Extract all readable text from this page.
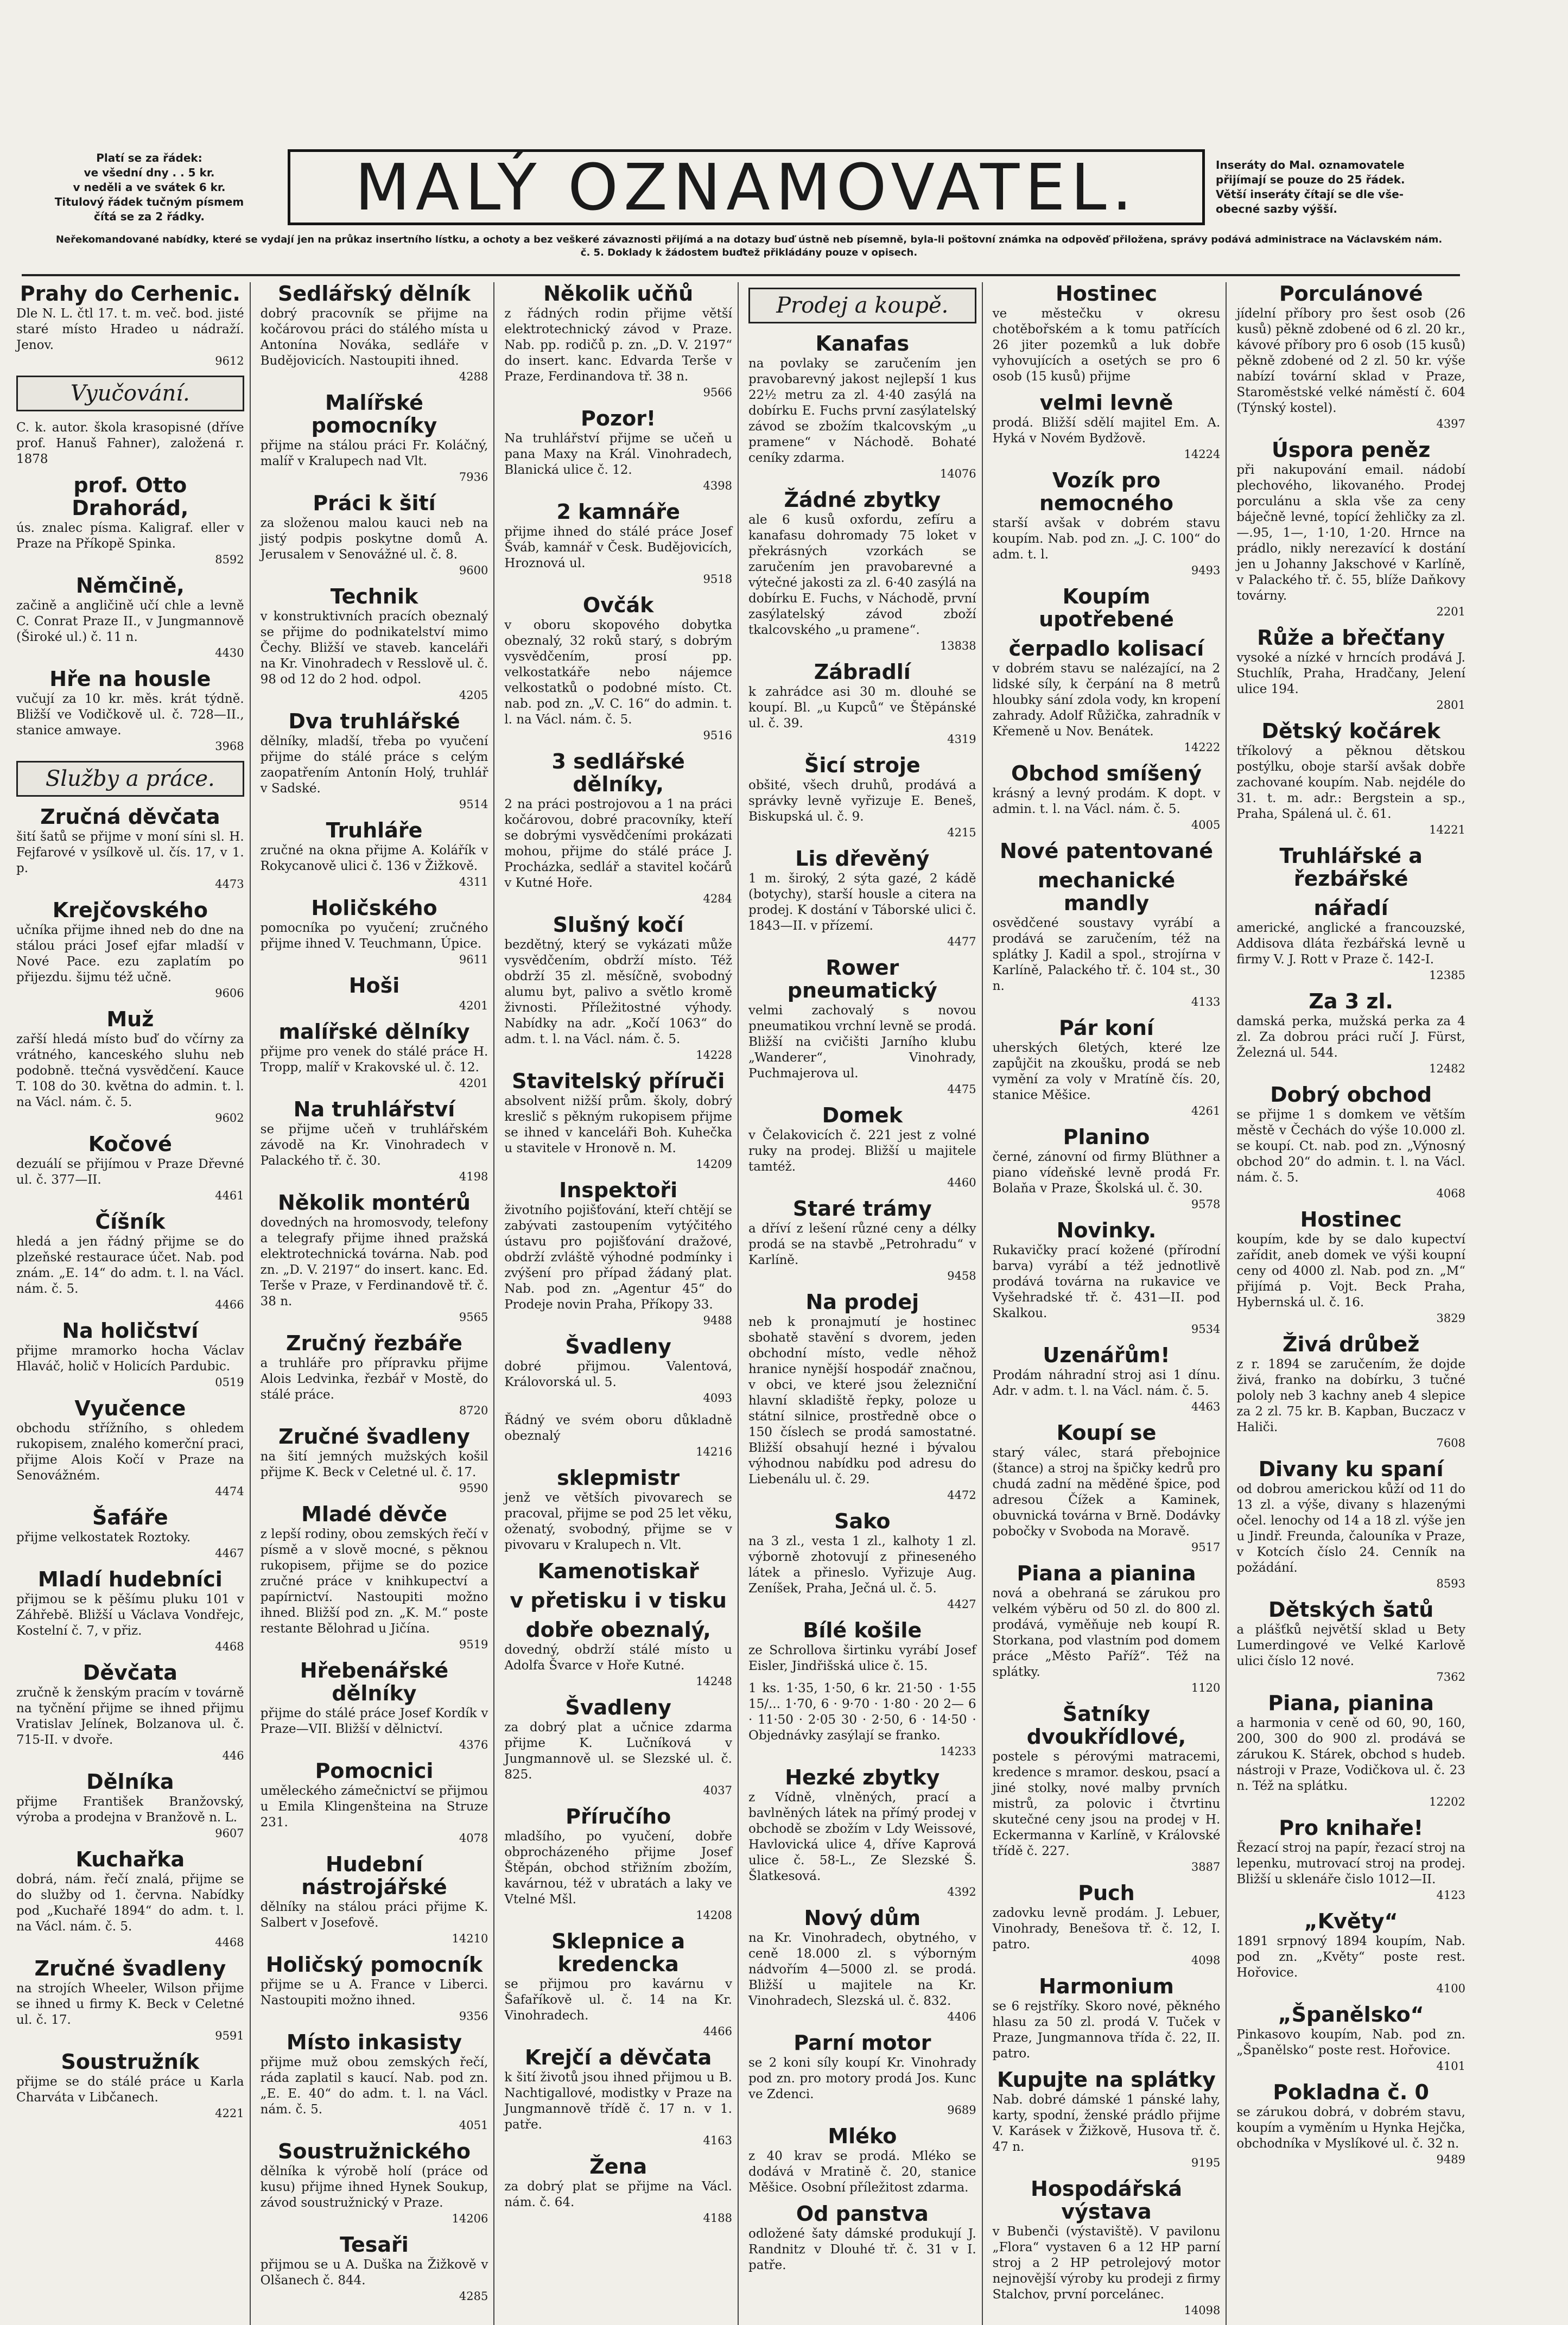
Platí se za řádek:
ve všední dny . . 5 kr.
v neděli a ve svátek 6 kr.
Titulový řádek tučným písmem
čítá se za 2 řádky.	MALÝ OZNAMOVATEL.	Inseráty do Mal. oznamovatele
přijímají se pouze do 25 řádek.
Větší inseráty čítají se dle vše-
obecné sazby výšší.
Neřekomandované nabídky, které se vydají jen na průkaz insertního lístku, a ochoty a bez veškeré závaznosti přijímá a na dotazy buď ústně neb písemně, byla-li poštovní známka na odpověď přiložena, správy podává administrace na Václavském nám. č. 5. Doklady k žádostem buďtež přikládány pouze v opisech.
Prahy do Cerhenic.

Dle N. L. čtl 17. t. m. več. bod. jisté staré místo Hradeo u nádraží. Jenov.

9612
Vyučování.

C. k. autor. škola krasopisné (dříve prof. Hanuš Fahner), založená r. 1878

prof. Otto Drahorád,

ús. znalec písma. Kaligraf. eller v Praze na Příkopě Spinka.

8592
Němčině,

začině a angličině učí chle a levně C. Conrat Praze II., v Jungmannově (Široké ul.) č. 11 n.

4430
Hře na housle

vučují za 10 kr. měs. krát týdně. Bližší ve Vodičkově ul. č. 728—II., stanice amwaye.

3968
Služby a práce.
Zručná děvčata

šití šatů se přijme v moní síni sl. H. Fejfarové v ysílkově ul. čís. 17, v 1. p.

4473
Krejčovského

učníka přijme ihned neb do dne na stálou práci Josef ejfar mladší v Nové Pace. ezu zaplatím po přijezdu. šijmu též učně.

9606
Muž

zařší hledá místo buď do včírny za vrátného, kanceského sluhu neb podobně. ttečná vysvědčení. Kauce T. 108 do 30. května do admin. t. l. na Václ. nám. č. 5.

9602
Kočové

dezuálí se přijímou v Praze Dřevné ul. č. 377—II.

4461
Číšník

hledá a jen řádný přijme se do plzeňské restaurace účet. Nab. pod znám. „E. 14“ do adm. t. l. na Václ. nám. č. 5.

4466
Na holičství

přijme mramorko hocha Václav Hlaváč, holič v Holicích Pardubic.

0519
Vyučence

obchodu střížního, s ohledem rukopisem, znalého komerční praci, přijme Alois Kočí v Praze na Senovážném.

4474
Šafáře

přijme velkostatek Roztoky.

4467
Mladí hudebníci

přijmou se k pěšímu pluku 101 v Záhřebě. Bližší u Václava Vondřejc, Kostelní č. 7, v přiz.

4468
Děvčata

zručně k ženským pracím v továrně na tyčnění přijme se ihned přijmu Vratislav Jelínek, Bolzanova ul. č. 715-II. v dvoře.

446
Dělníka

přijme František Branžovský, výroba a prodejna v Branžově n. L.

9607
Kuchařka

dobrá, nám. řečí znalá, přijme se do služby od 1. června. Nabídky pod „Kuchařé 1894“ do adm. t. l. na Václ. nám. č. 5.

4468
Zručné švadleny

na strojích Wheeler, Wilson přijme se ihned u firmy K. Beck v Celetné ul. č. 17.

9591
Soustružník

přijme se do stálé práce u Karla Charváta v Libčanech.

4221
Sedlářský dělník

dobrý pracovník se přijme na kočárovou práci do stálého místa u Antonína Nováka, sedláře v Budějovicích. Nastoupiti ihned.

4288
Malířské pomocníky

přijme na stálou práci Fr. Koláčný, malíř v Kralupech nad Vlt.

7936
Práci k šití

za složenou malou kauci neb na jistý podpis poskytne domů A. Jerusalem v Senovážné ul. č. 8.

9600
Technik

v konstruktivních pracích obeznalý se přijme do podnikatelství mimo Čechy. Bližší ve staveb. kanceláři na Kr. Vinohradech v Resslově ul. č. 98 od 12 do 2 hod. odpol.

4205
Dva truhlářské

dělníky, mladší, třeba po vyučení přijme do stálé práce s celým zaopatřením Antonín Holý, truhlář v Sadské.

9514
Truhláře

zručné na okna přijme A. Kolářík v Rokycanově ulici č. 136 v Žižkově.

4311
Holičského

pomocníka po vyučení; zručného přijme ihned V. Teuchmann, Úpice.

9611
Hoši
4201
malířské dělníky

přijme pro venek do stálé práce H. Tropp, malíř v Krakovské ul. č. 12.

4201
Na truhlářství

se přijme učeň v truhlářském závodě na Kr. Vinohradech v Palackého tř. č. 30.

4198
Několik montérů

dovedných na hromosvody, telefony a telegrafy přijme ihned pražská elektrotechnická továrna. Nab. pod zn. „D. V. 2197“ do insert. kanc. Ed. Terše v Praze, v Ferdinandově tř. č. 38 n.

9565
Zručný řezbáře

a truhláře pro přípravku přijme Alois Ledvinka, řezbář v Mostě, do stálé práce.

8720
Zručné švadleny

na šití jemných mužských košil přijme K. Beck v Celetné ul. č. 17.

9590
Mladé děvče

z lepší rodiny, obou zemských řečí v písmě a v slově mocné, s pěknou rukopisem, přijme se do pozice zručné práce v knihkupectví a papírnictví. Nastoupiti možno ihned. Bližší pod zn. „K. M.“ poste restante Bělohrad u Jičína.

9519
Hřebenářské dělníky

přijme do stálé práce Josef Kordík v Praze—VII. Bližší v dělnictví.

4376
Pomocnici

uměleckého zámečnictví se přijmou u Emila Klingenšteina na Struze 231.

4078
Hudební nástrojářské

dělníky na stálou práci přijme K. Salbert v Josefově.

14210
Holičský pomocník

přijme se u A. France v Liberci. Nastoupiti možno ihned.

9356
Místo inkasisty

přijme muž obou zemských řečí, ráda zaplatil s kaucí. Nab. pod zn. „E. E. 40“ do adm. t. l. na Václ. nám. č. 5.

4051
Soustružnického

dělníka k výrobě holí (práce od kusu) přijme ihned Hynek Soukup, závod soustružnický v Praze.

14206
Tesaři

přijmou se u A. Duška na Žižkově v Olšanech č. 844.

4285
Několik učňů

z řádných rodin přijme větší elektrotechnický závod v Praze. Nab. pp. rodičů p. zn. „D. V. 2197“ do insert. kanc. Edvarda Terše v Praze, Ferdinandova tř. 38 n.

9566
Pozor!

Na truhlářství přijme se učeň u pana Maxy na Král. Vinohradech, Blanická ulice č. 12.

4398
2 kamnáře

přijme ihned do stálé práce Josef Šváb, kamnář v Česk. Budějovicích, Hroznová ul.

9518
Ovčák

v oboru skopového dobytka obeznalý, 32 roků starý, s dobrým vysvědčením, prosí pp. velkostatkáře nebo nájemce velkostatků o podobné místo. Ct. nab. pod zn. „V. C. 16“ do admin. t. l. na Václ. nám. č. 5.

9516
3 sedlářské dělníky,

2 na práci postrojovou a 1 na práci kočárovou, dobré pracovníky, kteří se dobrými vysvědčeními prokázati mohou, přijme do stálé práce J. Procházka, sedlář a stavitel kočárů v Kutné Hoře.

4284
Slušný kočí

bezdětný, který se vykázati může vysvědčením, obdrží místo. Též obdrží 35 zl. měsíčně, svobodný alumu byt, palivo a světlo kromě živnosti. Příležitostné výhody. Nabídky na adr. „Kočí 1063“ do adm. t. l. na Václ. nám. č. 5.

14228
Stavitelský příruči

absolvent nižší prům. školy, dobrý kreslič s pěkným rukopisem přijme se ihned v kanceláři Boh. Kuhečka u stavitele v Hronově n. M.

14209
Inspektoři

životního pojišťování, kteří chtějí se zabývati zastoupením vytýčitého ústavu pro pojišťování dražové, obdrží zvláště výhodné podmínky i zvýšení pro případ žádaný plat. Nab. pod zn. „Agentur 45“ do Prodeje novin Praha, Příkopy 33.

9488
Švadleny

dobré přijmou. Valentová, Královorská ul. 5.

4093

Řádný ve svém oboru důkladně obeznalý

14216
sklepmistr

jenž ve větších pivovarech se pracoval, přijme se pod 25 let věku, oženatý, svobodný, přijme se v pivovaru v Kralupech n. Vlt.

Kamenotiskař
v přetisku i v tisku
dobře obeznalý,

dovedný, obdrží stálé místo u Adolfa Švarce v Hoře Kutné.

14248
Švadleny

za dobrý plat a učnice zdarma přijme K. Lučníková v Jungmannově ul. se Slezské ul. č. 825.

4037
Příručího

mladšího, po vyučení, dobře obprocházeného přijme Josef Štěpán, obchod střižním zbožím, kavárnou, též v ubratách a laky ve Vtelné Mšl.

14208
Sklepnice a kredencka

se přijmou pro kavárnu v Šafaříkově ul. č. 14 na Kr. Vinohradech.

4466
Krejčí a děvčata

k šití životů jsou ihned přijmou u B. Nachtigallové, modistky v Praze na Jungmannově třídě č. 17 n. v 1. patře.

4163
Žena

za dobrý plat se přijme na Václ. nám. č. 64.

4188
Prodej a koupě.
Kanafas

na povlaky se zaručením jen pravobarevný jakost nejlepší 1 kus 22½ metru za zl. 4·40 zasýlá na dobírku E. Fuchs první zasýlatelský závod se zbožím tkalcovským „u pramene“ v Náchodě. Bohaté ceníky zdarma.

14076
Žádné zbytky

ale 6 kusů oxfordu, zefíru a kanafasu dohromady 75 loket v překrásných vzorkách se zaručením jen pravobarevné a výtečné jakosti za zl. 6·40 zasýlá na dobírku E. Fuchs, v Náchodě, první zasýlatelský závod zboží tkalcovského „u pramene“.

13838
Zábradlí

k zahrádce asi 30 m. dlouhé se koupí. Bl. „u Kupců“ ve Štěpánské ul. č. 39.

4319
Šicí stroje

obšité, všech druhů, prodává a správky levně vyřizuje E. Beneš, Biskupská ul. č. 9.

4215
Lis dřevěný

1 m. široký, 2 sýta gazé, 2 kádě (botychy), starší housle a citera na prodej. K dostání v Táborské ulici č. 1843—II. v přízemí.

4477
Rower pneumatický

velmi zachovalý s novou pneumatikou vrchní levně se prodá. Bližší na cvičišti Jarního klubu „Wanderer“, Vinohrady, Puchmajerova ul.

4475
Domek

v Čelakovicích č. 221 jest z volné ruky na prodej. Bližší u majitele tamtéž.

4460
Staré trámy

a dříví z lešení různé ceny a délky prodá se na stavbě „Petrohradu“ v Karlíně.

9458
Na prodej

neb k pronajmutí je hostinec sbohatě stavění s dvorem, jeden obchodní místo, vedle něhož hranice nynější hospodář značnou, v obci, ve které jsou železniční hlavní skladiště řepky, poloze u státní silnice, prostředně obce o 150 číslech se prodá samostatné. Bližší obsahují hezné i bývalou výhodnou nabídku pod adresu do Liebenálu ul. č. 29.

4472
Sako

na 3 zl., vesta 1 zl., kalhoty 1 zl. výborně zhotovují z přineseného látek a přineslo. Vyřizuje Aug. Zeníšek, Praha, Ječná ul. č. 5.

4427
Bílé košile

ze Schrollova širtinku vyrábí Josef Eisler, Jindřišská ulice č. 15.

1 ks. 1·35, 1·50, 6 kr. 21·50 · 1·55 15/... 1·70, 6 · 9·70 · 1·80 · 20 2— 6 · 11·50 · 2·05 30 · 2·50, 6 · 14·50 · Objednávky zasýlají se franko.

14233
Hezké zbytky

z Vídně, vlněných, prací a bavlněných látek na přímý prodej v obchodě se zbožím v Ldy Weissové, Havlovická ulice 4, dříve Kaprová ulice č. 58-L., Ze Slezské Š. Šlatkesová.

4392
Nový dům

na Kr. Vinohradech, obytného, v ceně 18.000 zl. s výborným nádvořím 4—5000 zl. se prodá. Bližší u majitele na Kr. Vinohradech, Slezská ul. č. 832.

4406
Parní motor

se 2 koni síly koupí Kr. Vinohrady pod zn. pro motory prodá Jos. Kunc ve Zdenci.

9689
Mléko

z 40 krav se prodá. Mléko se dodává v Mratině č. 20, stanice Měšice. Osobní příležitost zdarma.

Od panstva

odložené šaty dámské produkují J. Randnitz v Dlouhé tř. č. 31 v I. patře.

Hostinec

ve městečku v okresu chotěbořském a k tomu patřících 26 jiter pozemků a luk dobře vyhovujících a osetých se pro 6 osob (15 kusů) přijme

velmi levně

prodá. Bližší sdělí majitel Em. A. Hyká v Novém Bydžově.

14224
Vozík pro nemocného

starší avšak v dobrém stavu koupím. Nab. pod zn. „J. C. 100“ do adm. t. l.

9493
Koupím upotřebené
čerpadlo kolisací

v dobrém stavu se nalézající, na 2 lidské síly, k čerpání na 8 metrů hloubky sání zdola vody, kn kropení zahrady. Adolf Růžička, zahradník v Křemeně u Nov. Benátek.

14222
Obchod smíšený

krásný a levný prodám. K dopt. v admin. t. l. na Václ. nám. č. 5.

4005
Nové patentované
mechanické mandly

osvědčené soustavy vyrábí a prodává se zaručením, též na splátky J. Kadil a spol., strojírna v Karlíně, Palackého tř. č. 104 st., 30 n.

4133
Pár koní

uherských 6letých, které lze zapůjčit na zkoušku, prodá se neb vymění za voly v Mratíně čís. 20, stanice Měšice.

4261
Planino

černé, zánovní od firmy Blüthner a piano vídeňské levně prodá Fr. Bolaňa v Praze, Školská ul. č. 30.

9578
Novinky.

Rukavičky prací kožené (přírodní barva) vyrábí a též jednotlivě prodává továrna na rukavice ve Vyšehradské tř. č. 431—II. pod Skalkou.

9534
Uzenářům!

Prodám náhradní stroj asi 1 dínu. Adr. v adm. t. l. na Václ. nám. č. 5.

4463
Koupí se

starý válec, stará přebojnice (štance) a stroj na špičky kedrů pro chudá zadní na měděné špice, pod adresou Čížek a Kaminek, obuvnická továrna v Brně. Dodávky pobočky v Svoboda na Moravě.

9517
Piana a pianina

nová a obehraná se zárukou pro velkém výběru od 50 zl. do 800 zl. prodává, vyměňuje neb koupí R. Storkana, pod vlastním pod domem práce „Město Paříž“. Též na splátky.

1120
Šatníky dvoukřídlové,

postele s pérovými matracemi, kredence s mramor. deskou, psací a jiné stolky, nové malby prvních mistrů, za polovic i čtvrtinu skutečné ceny jsou na prodej v H. Eckermanna v Karlíně, v Královské třídě č. 227.

3887
Puch

zadovku levně prodám. J. Lebuer, Vinohrady, Benešova tř. č. 12, I. patro.

4098
Harmonium

se 6 rejstříky. Skoro nové, pěkného hlasu za 50 zl. prodá V. Tuček v Praze, Jungmannova třída č. 22, II. patro.

Kupujte na splátky

Nab. dobré dámské 1 pánské lahy, karty, spodní, ženské prádlo přijme V. Karásek v Žižkově, Husova tř. č. 47 n.

9195
Hospodářská výstava

v Bubenči (výstaviště). V pavilonu „Flora“ vystaven 6 a 12 HP parní stroj a 2 HP petrolejový motor nejnovější výroby ku prodeji z firmy Stalchov, první porcelánec.

14098
Porculánové

jídelní příbory pro šest osob (26 kusů) pěkně zdobené od 6 zl. 20 kr., kávové příbory pro 6 osob (15 kusů) pěkně zdobené od 2 zl. 50 kr. výše nabízí tovární sklad v Praze, Staroměstské velké náměstí č. 604 (Týnský kostel).

4397
Úspora peněz

při nakupování email. nádobí plechového, likovaného. Prodej porculánu a skla vše za ceny báječně levné, topící žehličky za zl. —.95, 1—, 1·10, 1·20. Hrnce na prádlo, nikly nerezavící k dostání jen u Johanny Jakschové v Karlíně, v Palackého tř. č. 55, blíže Daňkovy továrny.

2201
Růže a břečťany

vysoké a nízké v hrncích prodává J. Stuchlík, Praha, Hradčany, Jelení ulice 194.

2801
Dětský kočárek

tříkolový a pěknou dětskou postýlku, oboje starší avšak dobře zachované koupím. Nab. nejdéle do 31. t. m. adr.: Bergstein a sp., Praha, Spálená ul. č. 61.

14221
Truhlářské a řezbářské
nářadí

americké, anglické a francouzské, Addisova dláta řezbářská levně u firmy V. J. Rott v Praze č. 142-I.

12385
Za 3 zl.

damská perka, mužská perka za 4 zl. Za dobrou práci ručí J. Fürst, Železná ul. 544.

12482
Dobrý obchod

se přijme 1 s domkem ve větším městě v Čechách do výše 10.000 zl. se koupí. Ct. nab. pod zn. „Výnosný obchod 20“ do admin. t. l. na Václ. nám. č. 5.

4068
Hostinec

koupím, kde by se dalo kupectví zařídit, aneb domek ve výši koupní ceny od 4000 zl. Nab. pod zn. „M“ přijímá p. Vojt. Beck Praha, Hybernská ul. č. 16.

3829
Živá drůbež

z r. 1894 se zaručením, že dojde živá, franko na dobírku, 3 tučné pololy neb 3 kachny aneb 4 slepice za 2 zl. 75 kr. B. Kapban, Buczacz v Haliči.

7608
Divany ku spaní

od dobrou americkou kůží od 11 do 13 zl. a výše, divany s hlazenými očel. lenochy od 14 a 18 zl. výše jen u Jindř. Freunda, čalouníka v Praze, v Kotcích číslo 24. Cenník na požádání.

8593
Dětských šatů

a plášťků největší sklad u Bety Lumerdingové ve Velké Karlově ulici číslo 12 nové.

7362
Piana, pianina

a harmonia v ceně od 60, 90, 160, 200, 300 do 900 zl. prodává se zárukou K. Stárek, obchod s hudeb. nástroji v Praze, Vodičkova ul. č. 23 n. Též na splátku.

12202
Pro knihaře!

Řezací stroj na papír, řezací stroj na lepenku, mutrovací stroj na prodej. Bližší u sklenáře čislo 1012—II.

4123
„Květy“

1891 srpnový 1894 koupím, Nab. pod zn. „Květy“ poste rest. Hořovice.

4100
„Španělsko“

Pinkasovo koupím, Nab. pod zn. „Španělsko“ poste rest. Hořovice.

4101
Pokladna č. 0

se zárukou dobrá, v dobrém stavu, koupím a vyměním u Hynka Hejčka, obchodníka v Myslíkové ul. č. 32 n.

9489
